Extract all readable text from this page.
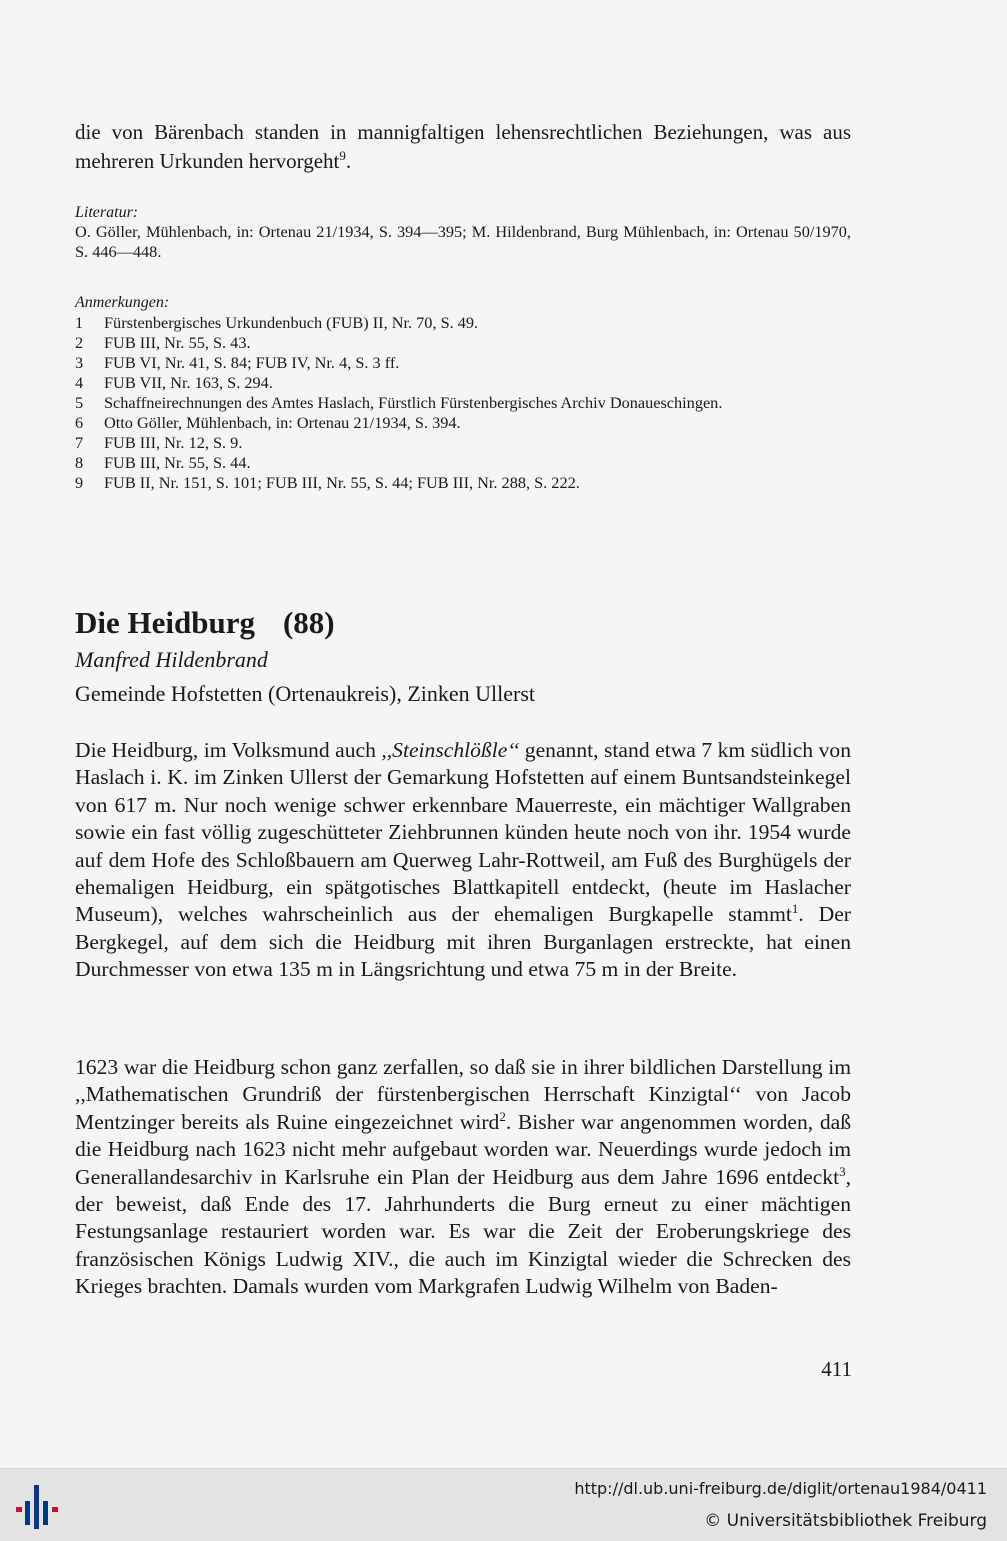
die von Bärenbach standen in mannigfaltigen lehensrechtlichen Beziehungen, was aus mehreren Urkunden hervorgeht$^9$.

Literatur:

O. Göller, Mühlenbach, in: Ortenau 21/1934, S. 394—395; M. Hildenbrand, Burg Mühlenbach, in: Ortenau 50/1970, S. 446—448.

Anmerkungen:
1	Fürstenbergisches Urkundenbuch (FUB) II, Nr. 70, S. 49.
2	FUB III, Nr. 55, S. 43.
3	FUB VI, Nr. 41, S. 84; FUB IV, Nr. 4, S. 3 ff.
4	FUB VII, Nr. 163, S. 294.
5	Schaffneirechnungen des Amtes Haslach, Fürstlich Fürstenbergisches Archiv Donaueschingen.
6	Otto Göller, Mühlenbach, in: Ortenau 21/1934, S. 394.
7	FUB III, Nr. 12, S. 9.
8	FUB III, Nr. 55, S. 44.
9	FUB II, Nr. 151, S. 101; FUB III, Nr. 55, S. 44; FUB III, Nr. 288, S. 222.
Die Heidburg (88)
Manfred Hildenbrand
Gemeinde Hofstetten (Ortenaukreis), Zinken Ullerst

Die Heidburg, im Volksmund auch ,,Steinschlößle‘‘ genannt, stand etwa 7 km südlich von Haslach i. K. im Zinken Ullerst der Gemarkung Hofstetten auf einem Buntsandsteinkegel von 617 m. Nur noch wenige schwer erkennbare Mauerreste, ein mächtiger Wallgraben sowie ein fast völlig zugeschütteter Ziehbrunnen künden heute noch von ihr. 1954 wurde auf dem Hofe des Schloßbauern am Querweg Lahr-Rottweil, am Fuß des Burghügels der ehemaligen Heidburg, ein spätgotisches Blattkapitell entdeckt, (heute im Haslacher Museum), welches wahrscheinlich aus der ehemaligen Burgkapelle stammt$^1$. Der Bergkegel, auf dem sich die Heidburg mit ihren Burganlagen erstreckte, hat einen Durchmesser von etwa 135 m in Längsrichtung und etwa 75 m in der Breite.

1623 war die Heidburg schon ganz zerfallen, so daß sie in ihrer bildlichen Darstellung im ,,Mathematischen Grundriß der fürstenbergischen Herrschaft Kinzigtal‘‘ von Jacob Mentzinger bereits als Ruine eingezeichnet wird$^2$. Bisher war angenommen worden, daß die Heidburg nach 1623 nicht mehr aufgebaut worden war. Neuerdings wurde jedoch im Generallandesarchiv in Karlsruhe ein Plan der Heidburg aus dem Jahre 1696 entdeckt$^3$, der beweist, daß Ende des 17. Jahrhunderts die Burg erneut zu einer mächtigen Festungsanlage restauriert worden war. Es war die Zeit der Eroberungskriege des französischen Königs Ludwig XIV., die auch im Kinzigtal wieder die Schrecken des Krieges brachten. Damals wurden vom Markgrafen Ludwig Wilhelm von Baden-

411
http://dl.ub.uni-freiburg.de/diglit/ortenau1984/0411
© Universitätsbibliothek Freiburg
